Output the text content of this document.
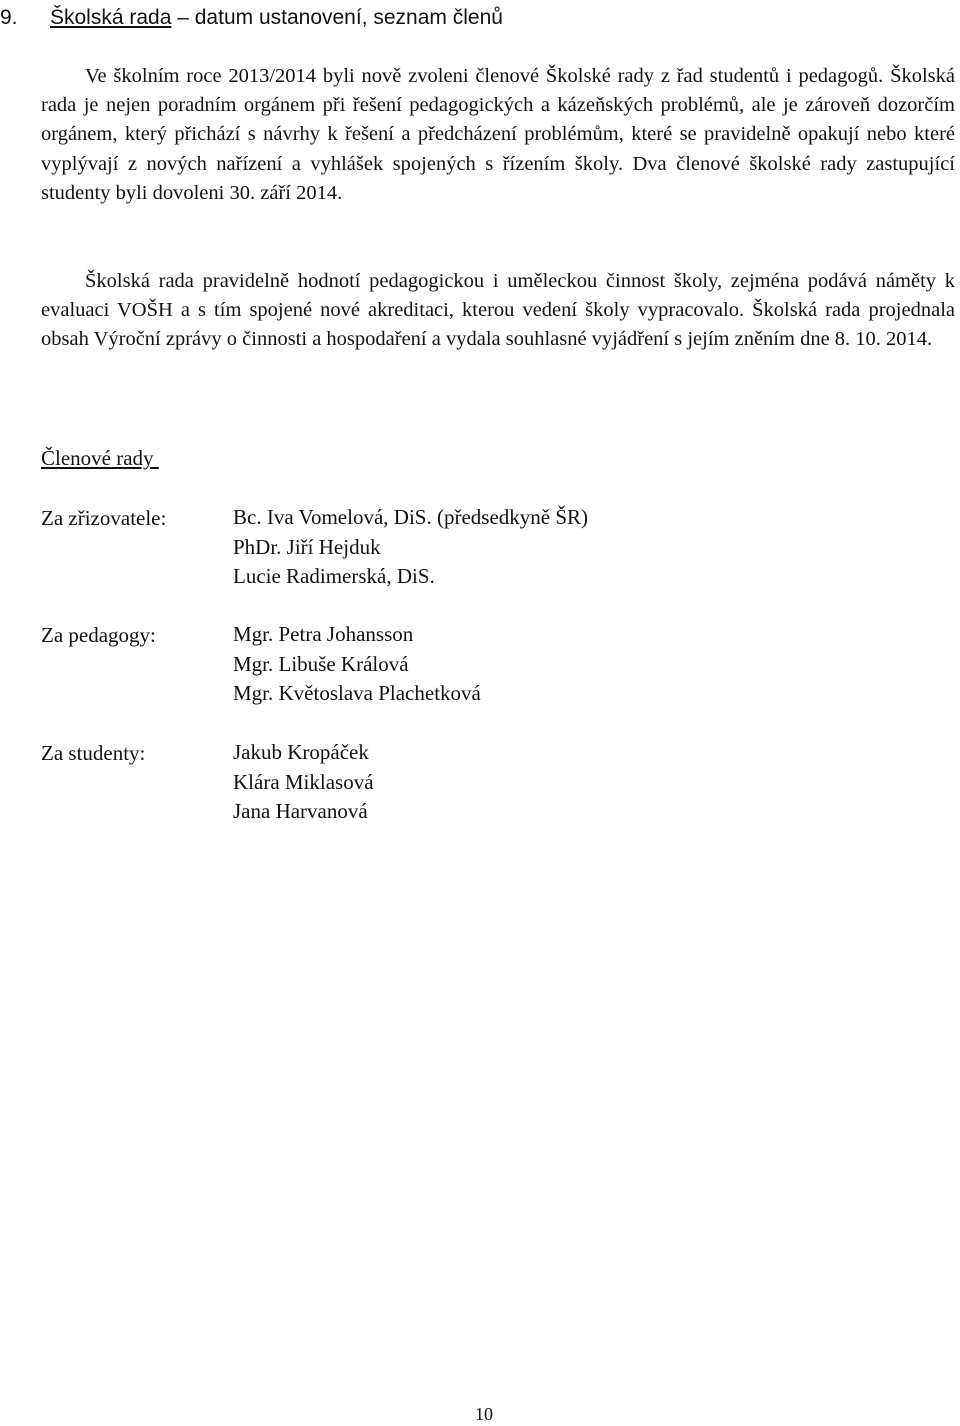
9. Školská rada – datum ustanovení, seznam členů

Ve školním roce 2013/2014 byli nově zvoleni členové Školské rady z řad studentů i pedagogů. Školská rada je nejen poradním orgánem při řešení pedagogických a kázeňských problémů, ale je zároveň dozorčím orgánem, který přichází s návrhy k řešení a předcházení problémům, které se pravidelně opakují nebo které vyplývají z nových nařízení a vyhlášek spojených s řízením školy. Dva členové školské rady zastupující studenty byli dovoleni 30. září 2014.

Školská rada pravidelně hodnotí pedagogickou i uměleckou činnost školy, zejména podává náměty k evaluaci VOŠH a s tím spojené nové akreditaci, kterou vedení školy vypracovalo. Školská rada projednala obsah Výroční zprávy o činnosti a hospodaření a vydala souhlasné vyjádření s jejím zněním dne 8. 10. 2014.

Členové rady
Za zřizovatele:	Bc. Iva Vomelová, DiS. (předsedkyně ŠR)
PhDr. Jiří Hejduk
Lucie Radimerská, DiS.
Za pedagogy:	Mgr. Petra Johansson
Mgr. Libuše Králová
Mgr. Květoslava Plachetková
Za studenty:	Jakub Kropáček
Klára Miklasová
Jana Harvanová
10
